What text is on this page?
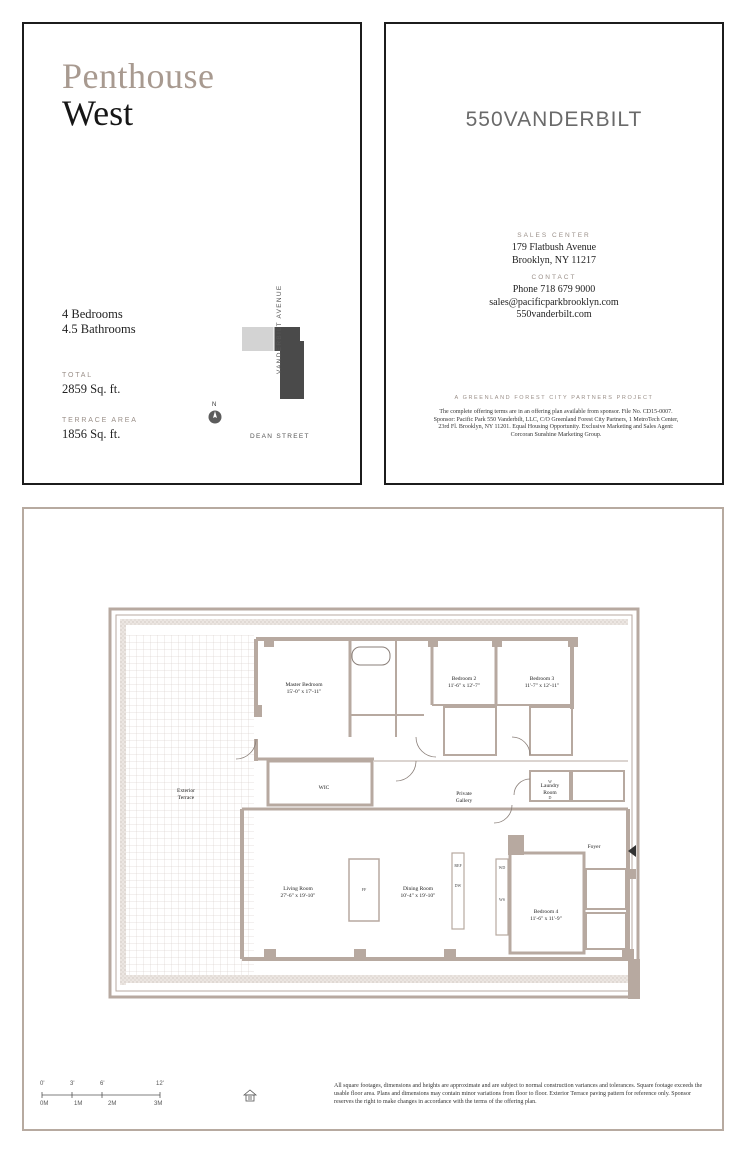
Penthouse
West
4 Bedrooms
4.5 Bathrooms
TOTAL
2859 Sq. ft.
TERRACE AREA
1856 Sq. ft.
VANDERBILT AVENUE
DEAN STREET
N
550VANDERBILT
SALES CENTER
179 Flatbush Avenue
Brooklyn, NY 11217
CONTACT
Phone 718 679 9000
sales@pacificparkbrooklyn.com
550vanderbilt.com
A GREENLAND FOREST CITY PARTNERS PROJECT
The complete offering terms are in an offering plan available from sponsor. File No. CD15-0007. Sponsor: Pacific Park 550 Vanderbilt, LLC, C/O Greenland Forest City Partners, 1 MetroTech Center, 23rd Fl. Brooklyn, NY 11201. Equal Housing Opportunity. Exclusive Marketing and Sales Agent: Corcoran Sunshine Marketing Group.
Master Bedroom
15'-0" x 17'-11"
Bedroom 2
11'-6" x 12'-7"
Bedroom 3
11'-7" x 12'-11"
WIC
Exterior
Terrace
Private
Gallery
Laundry
Room
Foyer
Living Room
27'-6" x 19'-10"
Dining Room
10'-4" x 19'-10"
Bedroom 4
11'-6" x 11'-9"
REF
DW
WD
WS
W
D
FF
0'	3'	6'	12'
0M	1M	2M	3M
All square footages, dimensions and heights are approximate and are subject to normal construction variances and tolerances. Square footage exceeds the usable floor area. Plans and dimensions may contain minor variations from floor to floor. Exterior Terrace paving pattern for reference only. Sponsor reserves the right to make changes in accordance with the terms of the offering plan.
